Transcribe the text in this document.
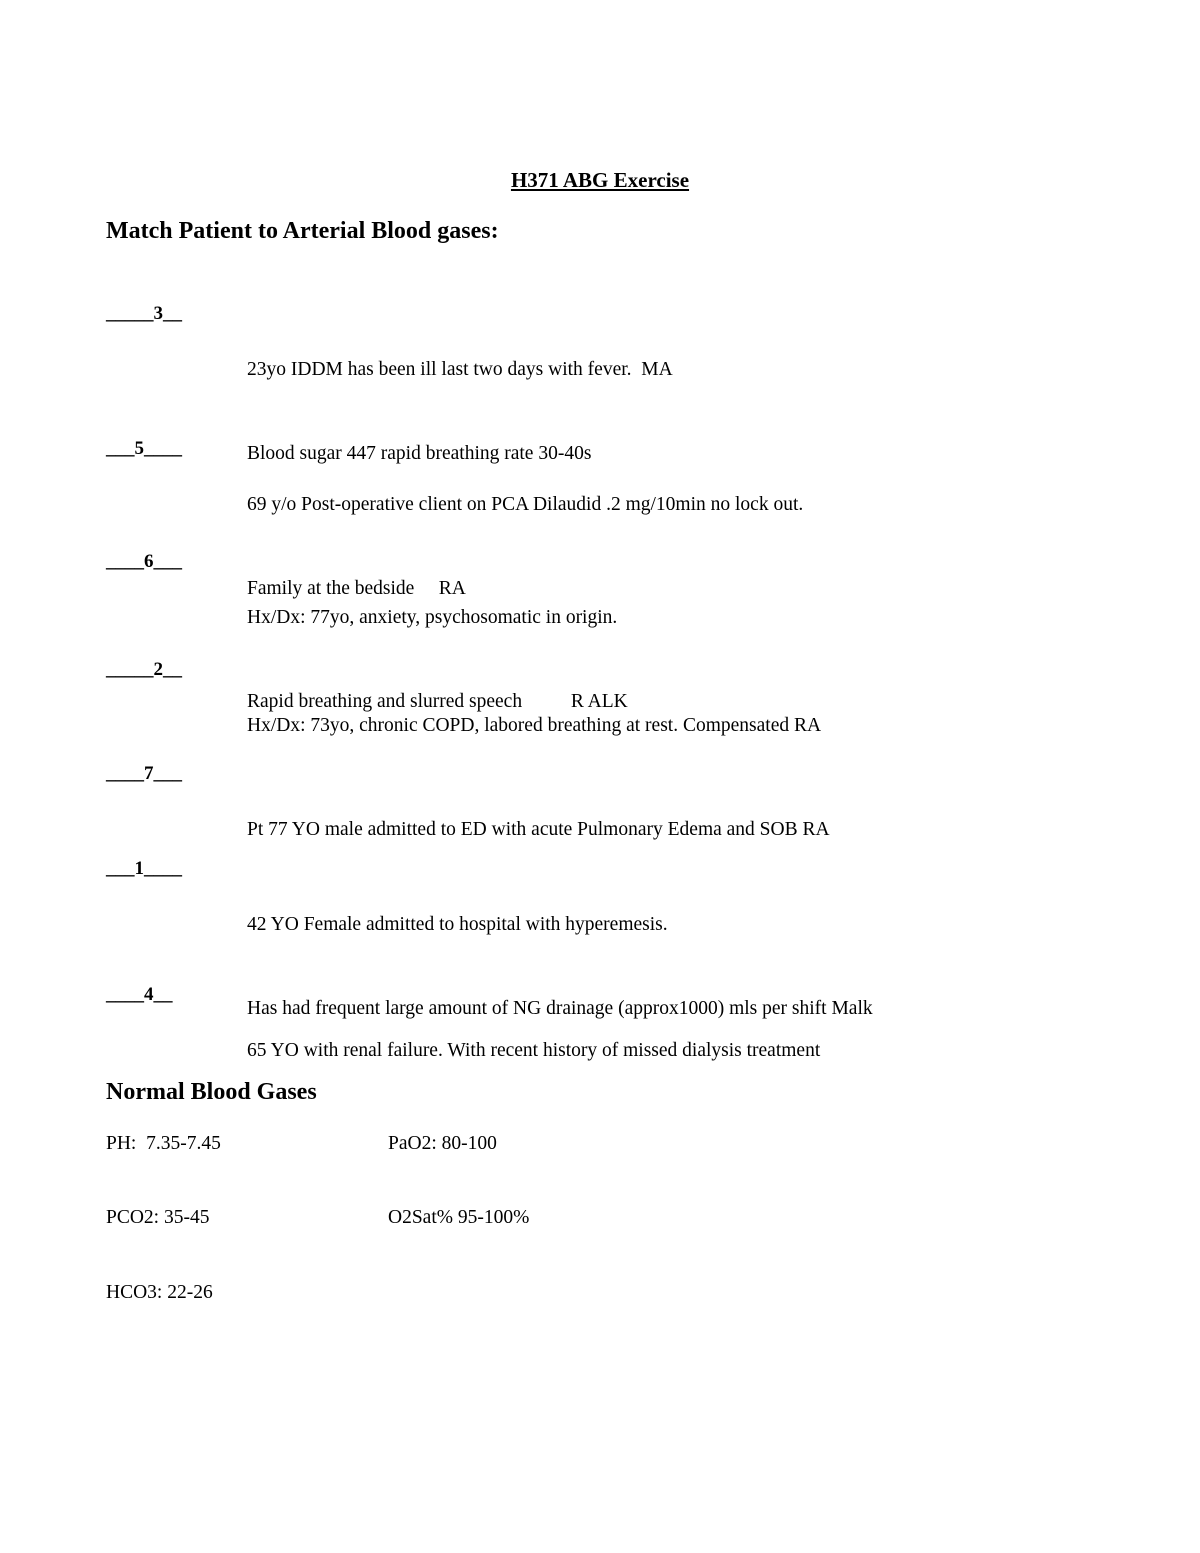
H371 ABG Exercise
Match Patient to Arterial Blood gases:
_____3__

23yo IDDM has been ill last two days with fever.  MA

Blood sugar 447 rapid breathing rate 30-40s

___5____

69 y/o Post-operative client on PCA Dilaudid .2 mg/10min no lock out.

Family at the bedside     RA

____6___

Hx/Dx: 77yo, anxiety, psychosomatic in origin.

Rapid breathing and slurred speech          R ALK

_____2__

Hx/Dx: 73yo, chronic COPD, labored breathing at rest. Compensated RA

____7___

Pt 77 YO male admitted to ED with acute Pulmonary Edema and SOB RA

___1____

42 YO Female admitted to hospital with hyperemesis.

Has had frequent large amount of NG drainage (approx1000) mls per shift Malk

____4__

65 YO with renal failure. With recent history of missed dialysis treatment

Normal Blood Gases
PH:  7.35-7.45	PaO2: 80-100
PCO2: 35-45	O2Sat% 95-100%
HCO3: 22-26
